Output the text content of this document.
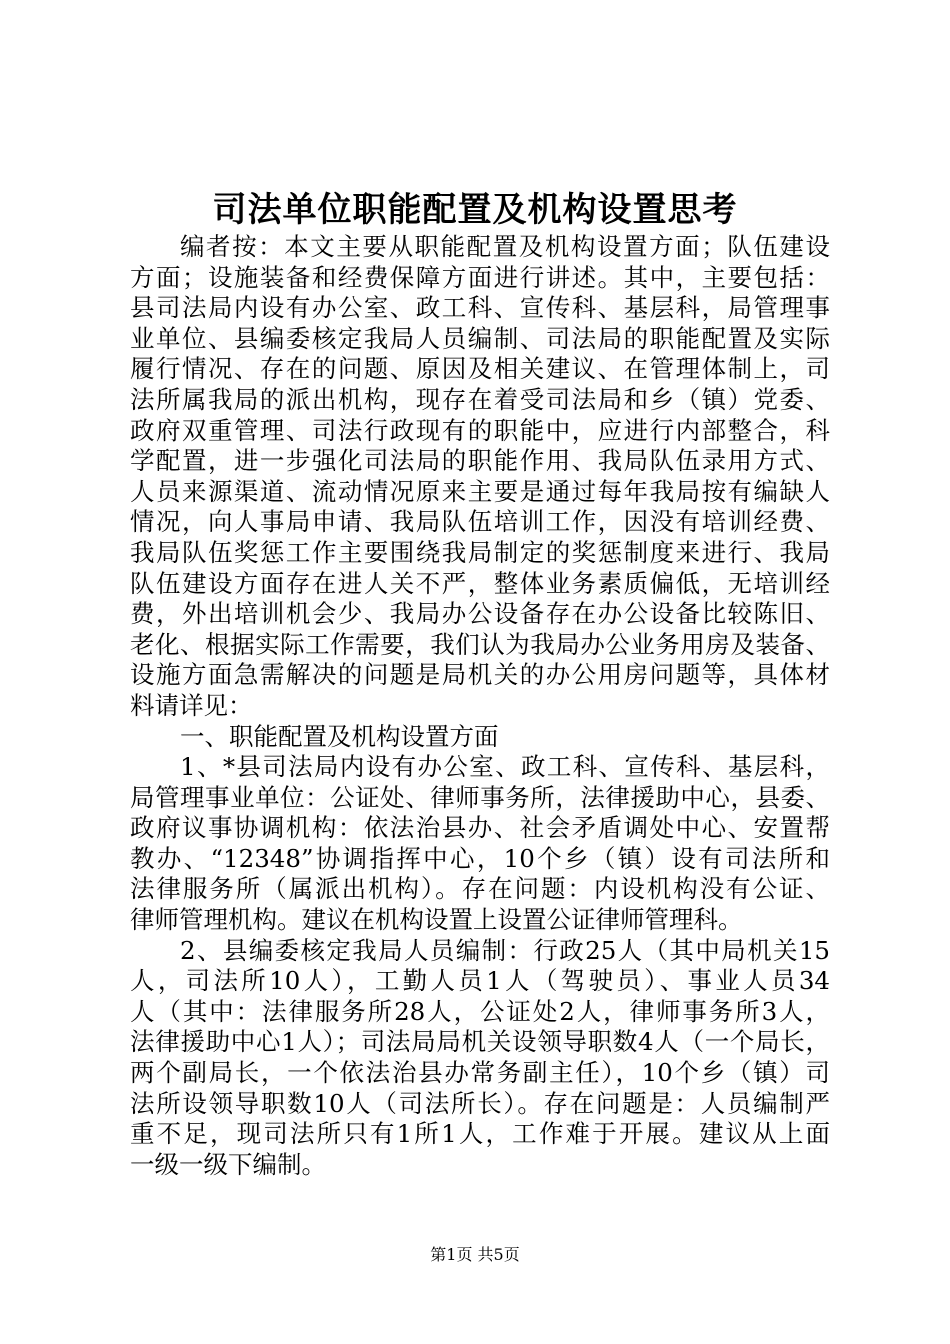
司法单位职能配置及机构设置思考
编者按：本文主要从职能配置及机构设置方面；队伍建设
方面；设施装备和经费保障方面进行讲述。其中，主要包括：
县司法局内设有办公室、政工科、宣传科、基层科，局管理事
业单位、县编委核定我局人员编制、司法局的职能配置及实际
履行情况、存在的问题、原因及相关建议、在管理体制上，司
法所属我局的派出机构，现存在着受司法局和乡（镇）党委、
政府双重管理、司法行政现有的职能中，应进行内部整合，科
学配置，进一步强化司法局的职能作用、我局队伍录用方式、
人员来源渠道、流动情况原来主要是通过每年我局按有编缺人
情况，向人事局申请、我局队伍培训工作，因没有培训经费、
我局队伍奖惩工作主要围绕我局制定的奖惩制度来进行、我局
队伍建设方面存在进人关不严，整体业务素质偏低，无培训经
费，外出培训机会少、我局办公设备存在办公设备比较陈旧、
老化、根据实际工作需要，我们认为我局办公业务用房及装备、
设施方面急需解决的问题是局机关的办公用房问题等，具体材
料请详见：
一、职能配置及机构设置方面
1、*县司法局内设有办公室、政工科、宣传科、基层科，
局管理事业单位：公证处、律师事务所，法律援助中心，县委、
政府议事协调机构：依法治县办、社会矛盾调处中心、安置帮
教办、“12348”协调指挥中心，10个乡（镇）设有司法所和
法律服务所（属派出机构）。存在问题：内设机构没有公证、
律师管理机构。建议在机构设置上设置公证律师管理科。
2、县编委核定我局人员编制：行政25人（其中局机关15
人，司法所10人），工勤人员1人（驾驶员）、事业人员34
人（其中：法律服务所28人，公证处2人，律师事务所3人，
法律援助中心1人）；司法局局机关设领导职数4人（一个局长，
两个副局长，一个依法治县办常务副主任），10个乡（镇）司
法所设领导职数10人（司法所长）。存在问题是：人员编制严
重不足，现司法所只有1所1人，工作难于开展。建议从上面
一级一级下编制。
第1页 共5页
